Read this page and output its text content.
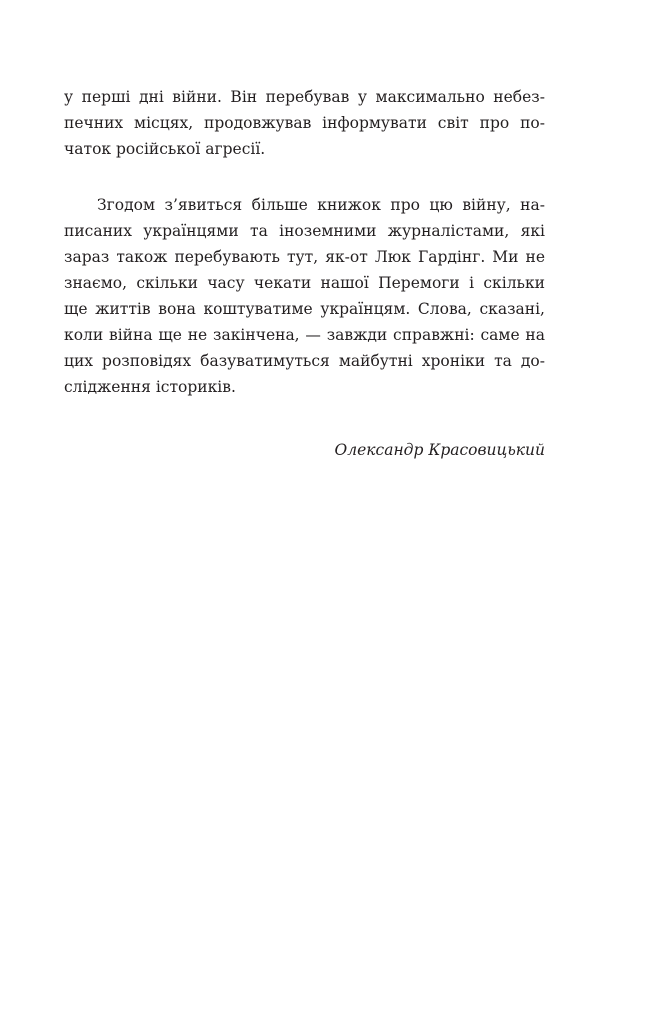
у перші дні війни. Він перебував у максимально небез-
печних місцях, продовжував інформувати світ про по-
чаток російської агресії.
Згодом з’явиться більше книжок про цю війну, на-
писаних українцями та іноземними журналістами, які
зараз також перебувають тут, як-от Люк Гардінг. Ми не
знаємо, скільки часу чекати нашої Перемоги і скільки
ще життів вона коштуватиме українцям. Слова, сказані,
коли війна ще не закінчена, — завжди справжні: саме на
цих розповідях базуватимуться майбутні хроніки та до-
слідження істориків.
Олександр Красовицький
